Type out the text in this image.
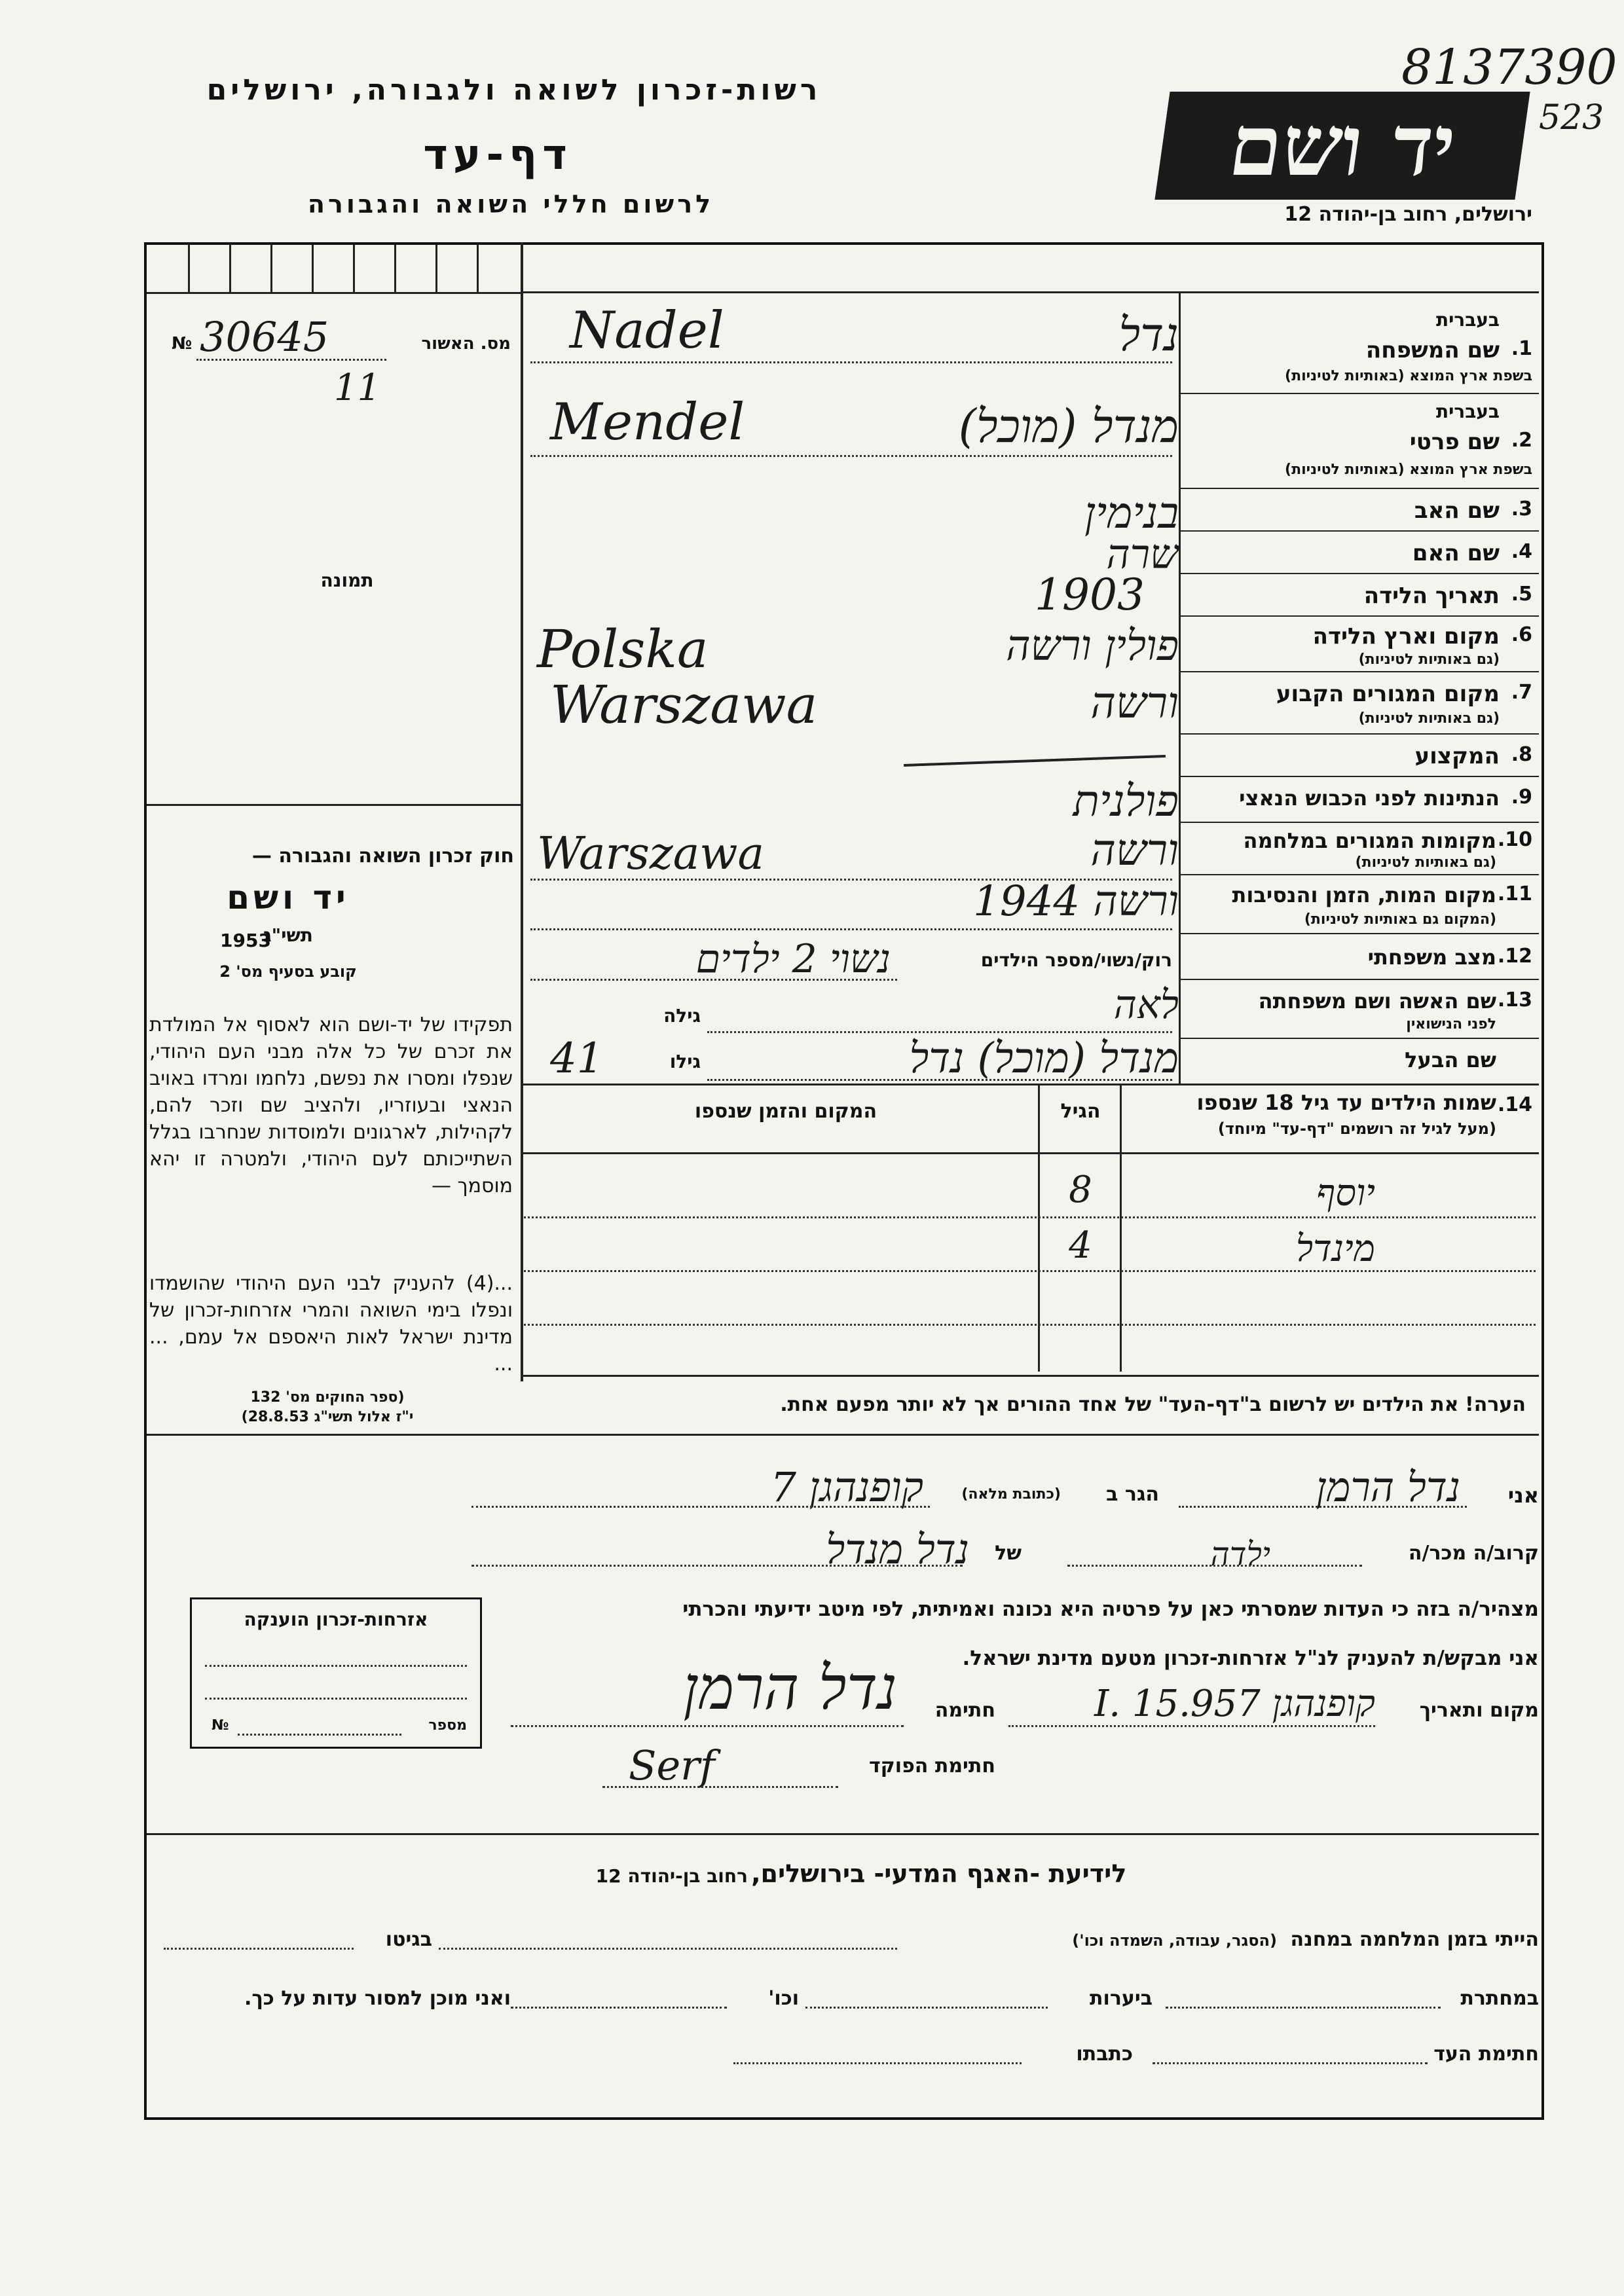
רשות-זכרון לשואה ולגבורה, ירושלים
דף-עד
לרשום חללי השואה והגבורה
יד ושם
8137390
523
ירושלים, רחוב בן-יהודה 12
מס. האשור
№ 30645
11
תמונה
חוק זכרון השואה והגבורה —
יד ושם
תשי"ג
1953
קובע בסעיף מס' 2
תפקידו של יד-ושם הוא לאסוף אל המולדת את זכרם של כל אלה מבני העם היהודי, שנפלו ומסרו את נפשם, נלחמו ומרדו באויב הנאצי ובעוזריו, ולהציב שם וזכר להם, לקהילות, לארגונים ולמוסדות שנחרבו בגלל השתייכותם לעם היהודי, ולמטרה זו יהא מוסמך —
...(4) להעניק לבני העם היהודי שהושמדו ונפלו בימי השואה והמרי אזרחות-זכרון של מדינת ישראל לאות היאספם אל עמם, ... ...
(ספר החוקים מס' 132
י"ז אלול תשי"ג 28.8.53)
בעברית
1.
שם המשפחה
בשפת ארץ המוצא (באותיות לטיניות)
נדל
Nadel
בעברית
2.
שם פרטי
בשפת ארץ המוצא (באותיות לטיניות)
מנדל (מוכל)
Mendel
3.
שם האב
בנימין
4.
שם האם
שרה
5.
תאריך הלידה
1903
6.
מקום וארץ הלידה
(גם באותיות לטיניות)
פולין ורשה
Polska
7.
מקום המגורים הקבוע
(גם באותיות לטיניות)
ורשה
Warszawa
8.
המקצוע
9.
הנתינות לפני הכבוש הנאצי
פולנית
10.
מקומות המגורים במלחמה
(גם באותיות לטיניות)
ורשה
Warszawa
11.
מקום המות, הזמן והנסיבות
(המקום גם באותיות לטיניות)
ורשה 1944
12.
מצב משפחתי
רוק/נשוי/מספר הילדים
נשוי 2 ילדים
13.
שם האשה ושם משפחתה
לפני הנישואין
גילה	לאה
שם הבעל
גילו
41	מנדל (מוכל) נדל
14.
שמות הילדים עד גיל 18 שנספו
(מעל לגיל זה רושמים "דף-עד" מיוחד)
הגיל
המקום והזמן שנספו
יוסף
8
מינדל
4
הערה! את הילדים יש לרשום ב"דף-העד" של אחד ההורים אך לא יותר מפעם אחת.
אני
נדל הרמן
הגר ב
(כתובת מלאה)
קופנהגן 7
קרוב/ה מכר/ה
ילדה
של
נדל מנדל
מצהיר/ה בזה כי העדות שמסרתי כאן על פרטיה היא נכונה ואמיתית, לפי מיטב ידיעתי והכרתי
אני מבקש/ת להעניק לנ"ל אזרחות-זכרון מטעם מדינת ישראל.
מקום ותאריך
קופנהגן I. 15.957
חתימה
נדל הרמן
חתימת הפוקד
Serf
אזרחות-זכרון הוענקה
מספר
№
לידיעת -האגף המדעי- בירושלים, רחוב בן-יהודה 12
הייתי בזמן המלחמה במחנה
(הסגר, עבודה, השמדה וכו')
בגיטו
במחתרת
ביערות
וכו'
ואני מוכן למסור עדות על כך.
חתימת העד
כתבתו
